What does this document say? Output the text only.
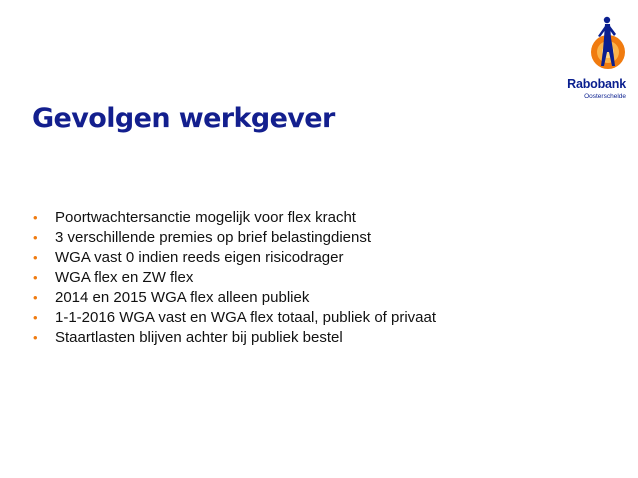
Rabobank
Oosterschelde
Gevolgen werkgever
•	Poortwachtersanctie mogelijk voor flex kracht
•	3 verschillende premies op brief belastingdienst
•	WGA vast 0 indien reeds eigen risicodrager
•	WGA flex en ZW flex
•	2014 en 2015 WGA flex alleen publiek
•	1-1-2016 WGA vast en WGA flex totaal, publiek of privaat
•	Staartlasten blijven achter bij publiek bestel
